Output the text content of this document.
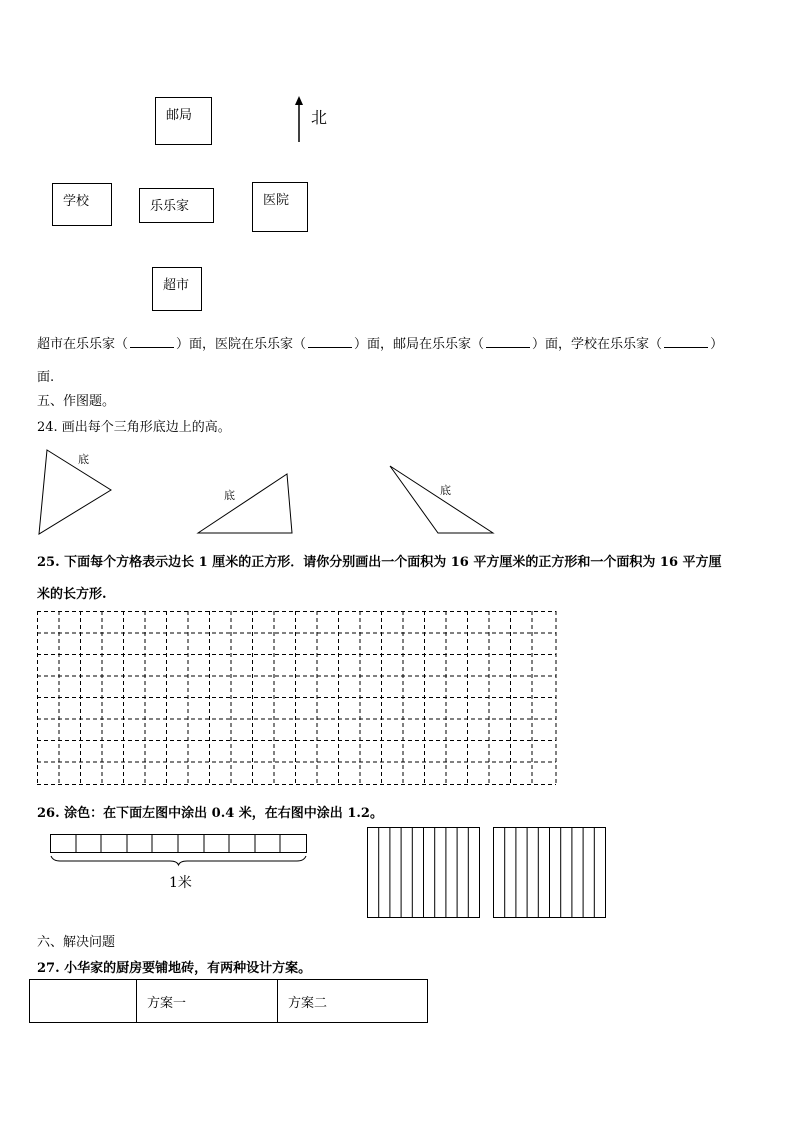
邮局	北
学校	乐乐家	医院
超市
超市在乐乐家（	）面，医院在乐乐家（	）面，邮局在乐乐家（	）面，学校在乐乐家（	）
面.
五、作图题。
24. 画出每个三角形底边上的高。
底
底	底
25. 下面每个方格表示边长 1 厘米的正方形．请你分别画出一个面积为 16 平方厘米的正方形和一个面积为 16 平方厘
米的长方形.
26. 涂色：在下面左图中涂出 0.4 米，在右图中涂出 1.2。
1米
六、解决问题
27. 小华家的厨房要铺地砖，有两种设计方案。
	方案一	方案二
